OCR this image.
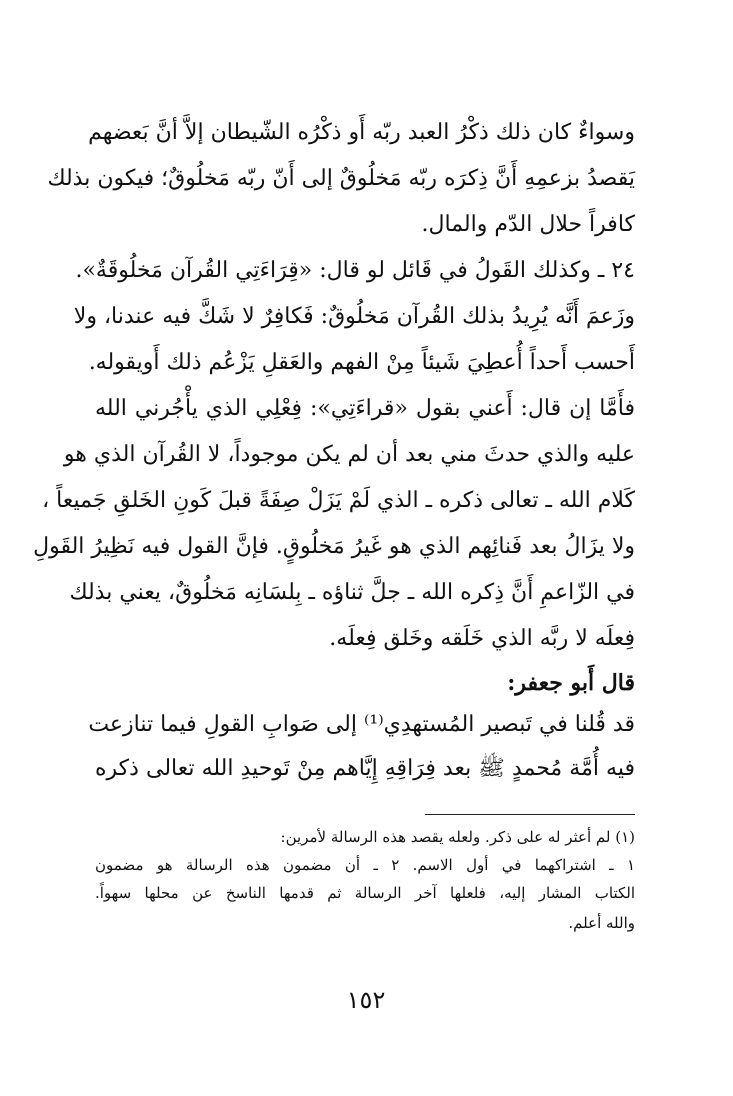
وسواءٌ كان ذلك ذكْرُ العبد ربّه أَو ذكْرُه الشّيطان إلاَّ أنَّ بَعضهم
يَقصدُ بزعمِهِ أَنَّ ذِكرَه ربّه مَخلُوقٌ إلى أَنّ ربّه مَخلُوقٌ؛ فيكون بذلك
كافراً حلال الدّم والمال.
٢٤ ـ وكذلك القَولُ في قَائل لو قال: «قِرَاءَتِي القُرآن مَخلُوقَةٌ».
وزَعمَ أَنَّه يُرِيدُ بذلك القُرآن مَخلُوقٌ: فَكافِرٌ لا شَكَّ فيه عندنا، ولا
أَحسب أَحداً أُعطِيَ شَيئاً مِنْ الفهم والعَقلِ يَزْعُم ذلك أَويقوله.
فأَمَّا إن قال: أَعني بقول «قراءَتِي»: فِعْلِي الذي يأْجُرني الله
عليه والذي حدثَ مني بعد أن لم يكن موجوداً، لا القُرآن الذي هو
كَلام الله ـ تعالى ذكره ـ الذي لَمْ يَزَلْ صِفَةً قبلَ كَونِ الخَلقِ جَميعاً ،
ولا يزَالُ بعد فَنائِهم الذي هو غَيرُ مَخلُوقٍ. فإنَّ القول فيه نَظِيرُ القَولِ
في الزّاعمِ أَنَّ ذِكره الله ـ جلَّ ثناؤه ـ بِلسَانِه مَخلُوقٌ، يعني بذلك
فِعلَه لا ربَّه الذي خَلَقه وخَلق فِعلَه.
قال أَبو جعفر:
قد قُلنا في تَبصير المُستهدِي⁽¹⁾ إلى صَوابِ القولِ فيما تنازعت
فيه أُمَّة مُحمدٍ ﷺ بعد فِرَاقِهِ إِيَّاهم مِنْ تَوحيدِ الله تعالى ذكره
(١) لم أعثر له على ذكر. ولعله يقصد هذه الرسالة لأمرين:
١ ـ اشتراكهما في أول الاسم. ٢ ـ أن مضمون هذه الرسالة هو مضمون
الكتاب المشار إليه، فلعلها آخر الرسالة ثم قدمها الناسخ عن محلها سهواً.
والله أعلم.
١٥٢
